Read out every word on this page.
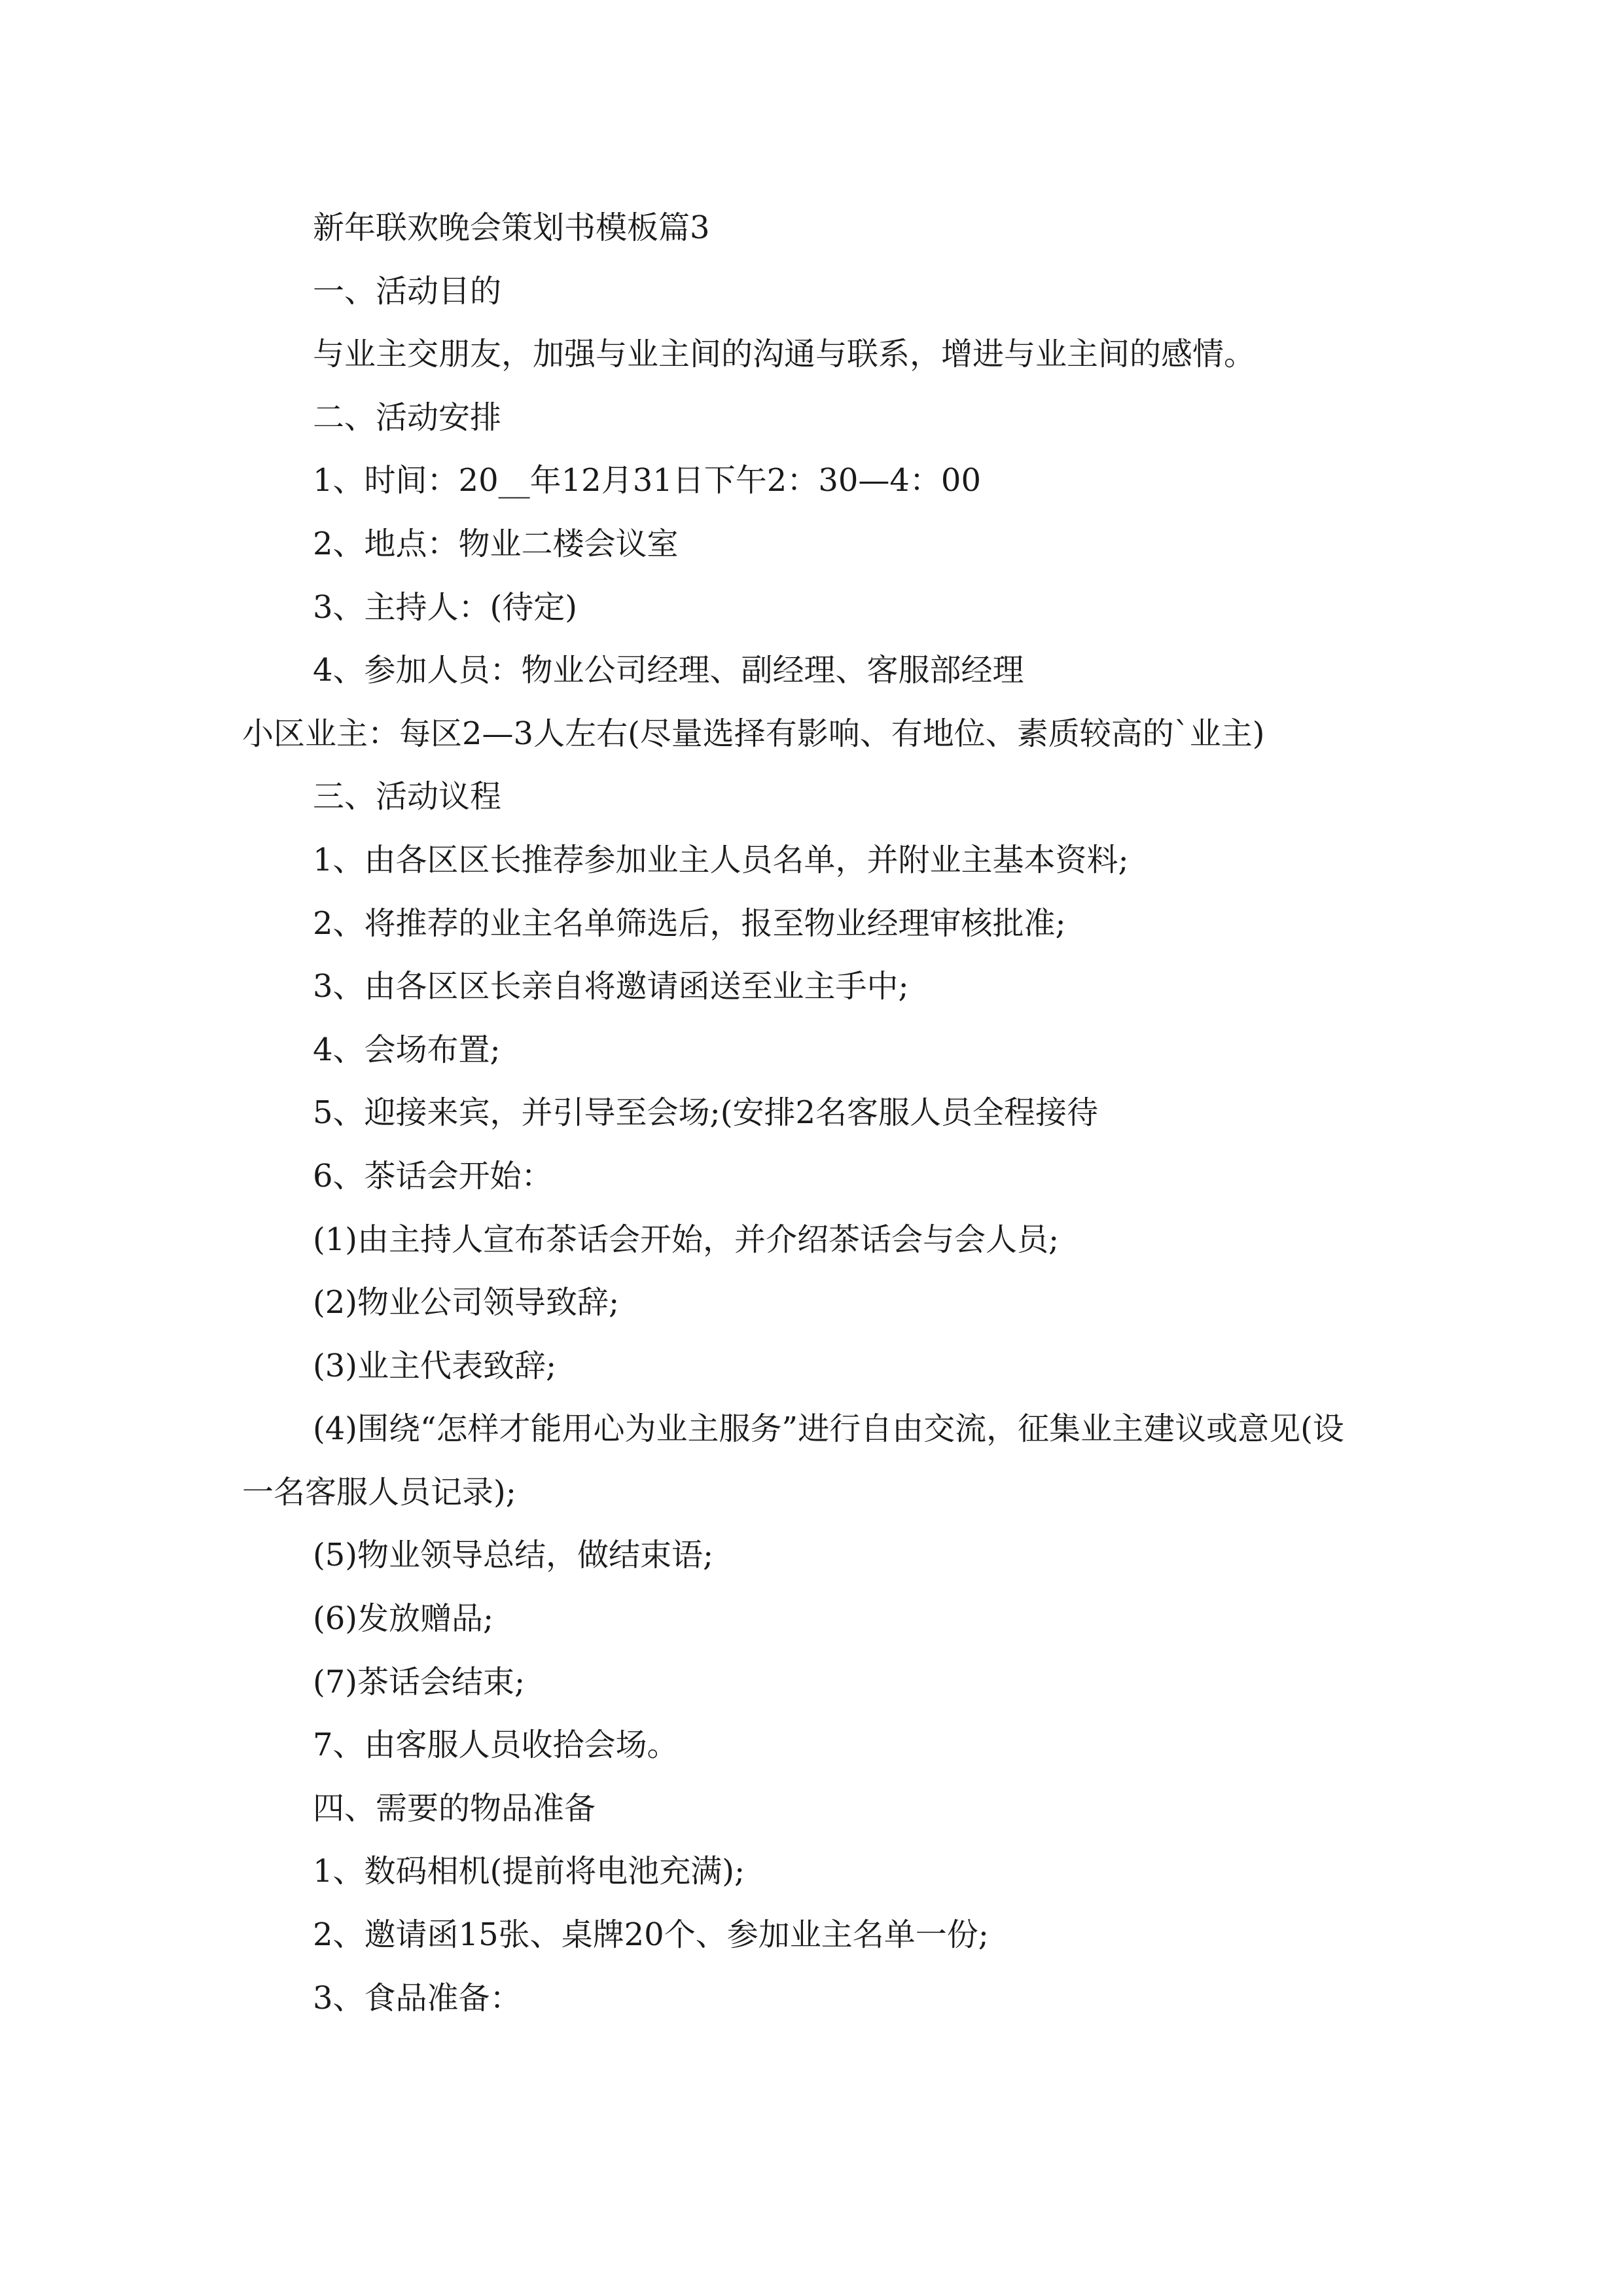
新年联欢晚会策划书模板篇3
一、活动目的
与业主交朋友，加强与业主间的沟通与联系，增进与业主间的感情。
二、活动安排
1、时间：20__年12月31日下午2：30—4：00
2、地点：物业二楼会议室
3、主持人：(待定)
4、参加人员：物业公司经理、副经理、客服部经理
小区业主：每区2—3人左右(尽量选择有影响、有地位、素质较高的`业主)
三、活动议程
1、由各区区长推荐参加业主人员名单，并附业主基本资料;
2、将推荐的业主名单筛选后，报至物业经理审核批准;
3、由各区区长亲自将邀请函送至业主手中;
4、会场布置;
5、迎接来宾，并引导至会场;(安排2名客服人员全程接待
6、茶话会开始：
(1)由主持人宣布茶话会开始，并介绍茶话会与会人员;
(2)物业公司领导致辞;
(3)业主代表致辞;
(4)围绕“怎样才能用心为业主服务”进行自由交流，征集业主建议或意见(设
一名客服人员记录);
(5)物业领导总结，做结束语;
(6)发放赠品;
(7)茶话会结束;
7、由客服人员收拾会场。
四、需要的物品准备
1、数码相机(提前将电池充满);
2、邀请函15张、桌牌20个、参加业主名单一份;
3、食品准备：
